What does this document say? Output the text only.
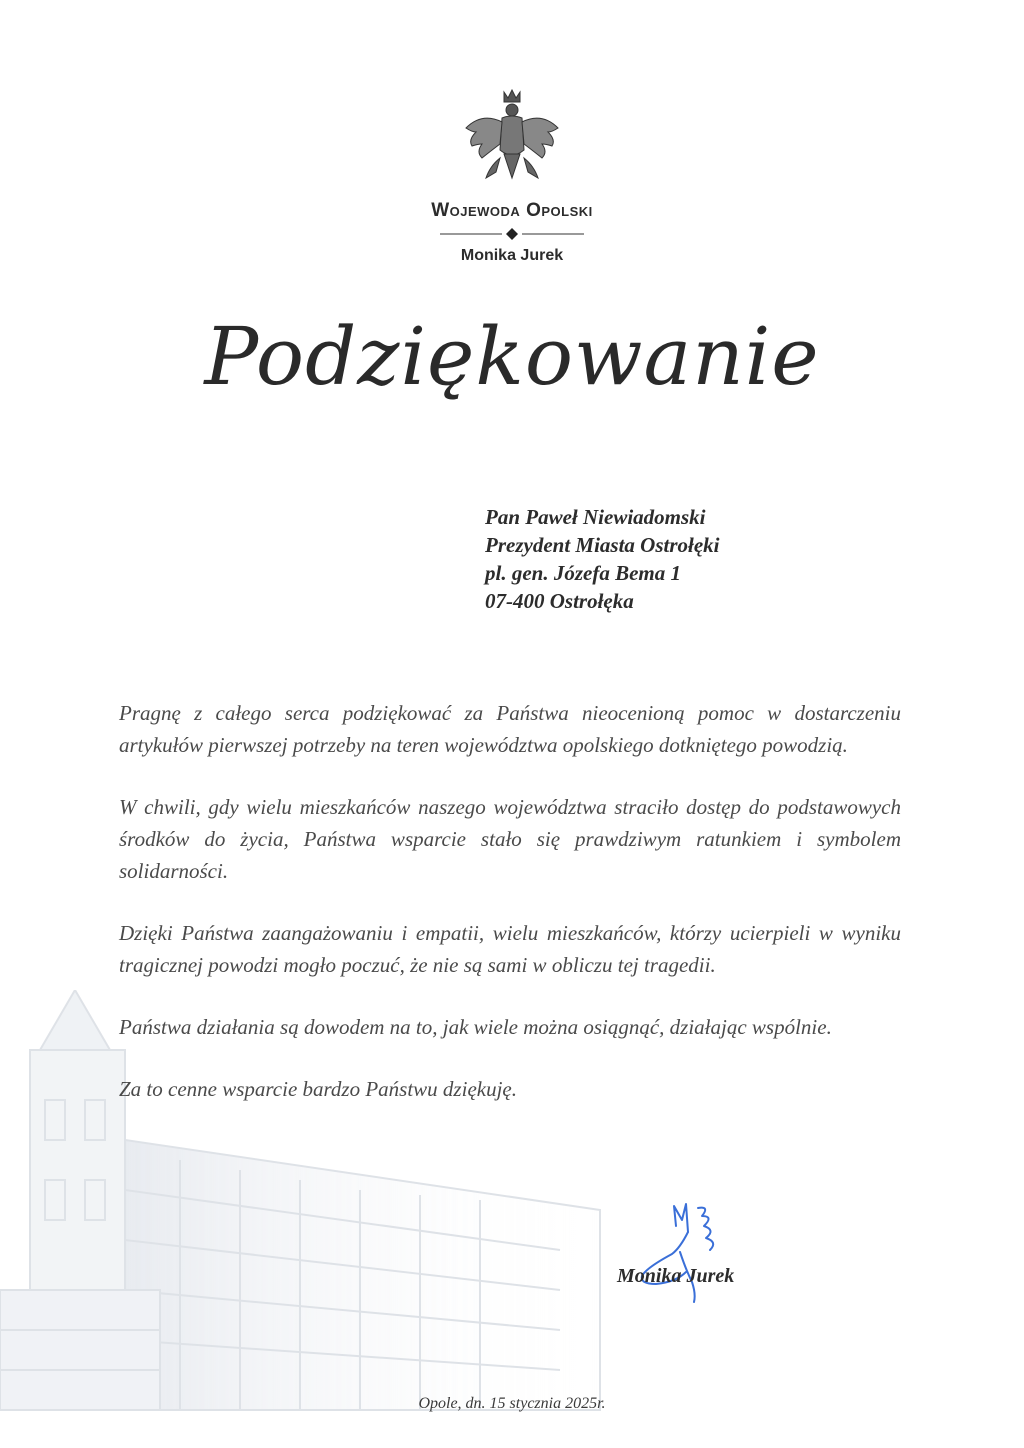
Wojewoda Opolski
Monika Jurek
Podziękowanie
Pan Paweł Niewiadomski
Prezydent Miasta Ostrołęki
pl. gen. Józefa Bema 1
07-400 Ostrołęka

Pragnę z całego serca podziękować za Państwa nieocenioną pomoc w dostarczeniu artykułów pierwszej potrzeby na teren województwa opolskiego dotkniętego powodzią.

W chwili, gdy wielu mieszkańców naszego województwa straciło dostęp do podstawowych środków do życia, Państwa wsparcie stało się prawdziwym ratunkiem i symbolem solidarności.

Dzięki Państwa zaangażowaniu i empatii, wielu mieszkańców, którzy ucierpieli w wyniku tragicznej powodzi mogło poczuć, że nie są sami w obliczu tej tragedii.

Państwa działania są dowodem na to, jak wiele można osiągnąć, działając wspólnie.

Za to cenne wsparcie bardzo Państwu dziękuję.

Monika Jurek
Opole, dn. 15 stycznia 2025r.
